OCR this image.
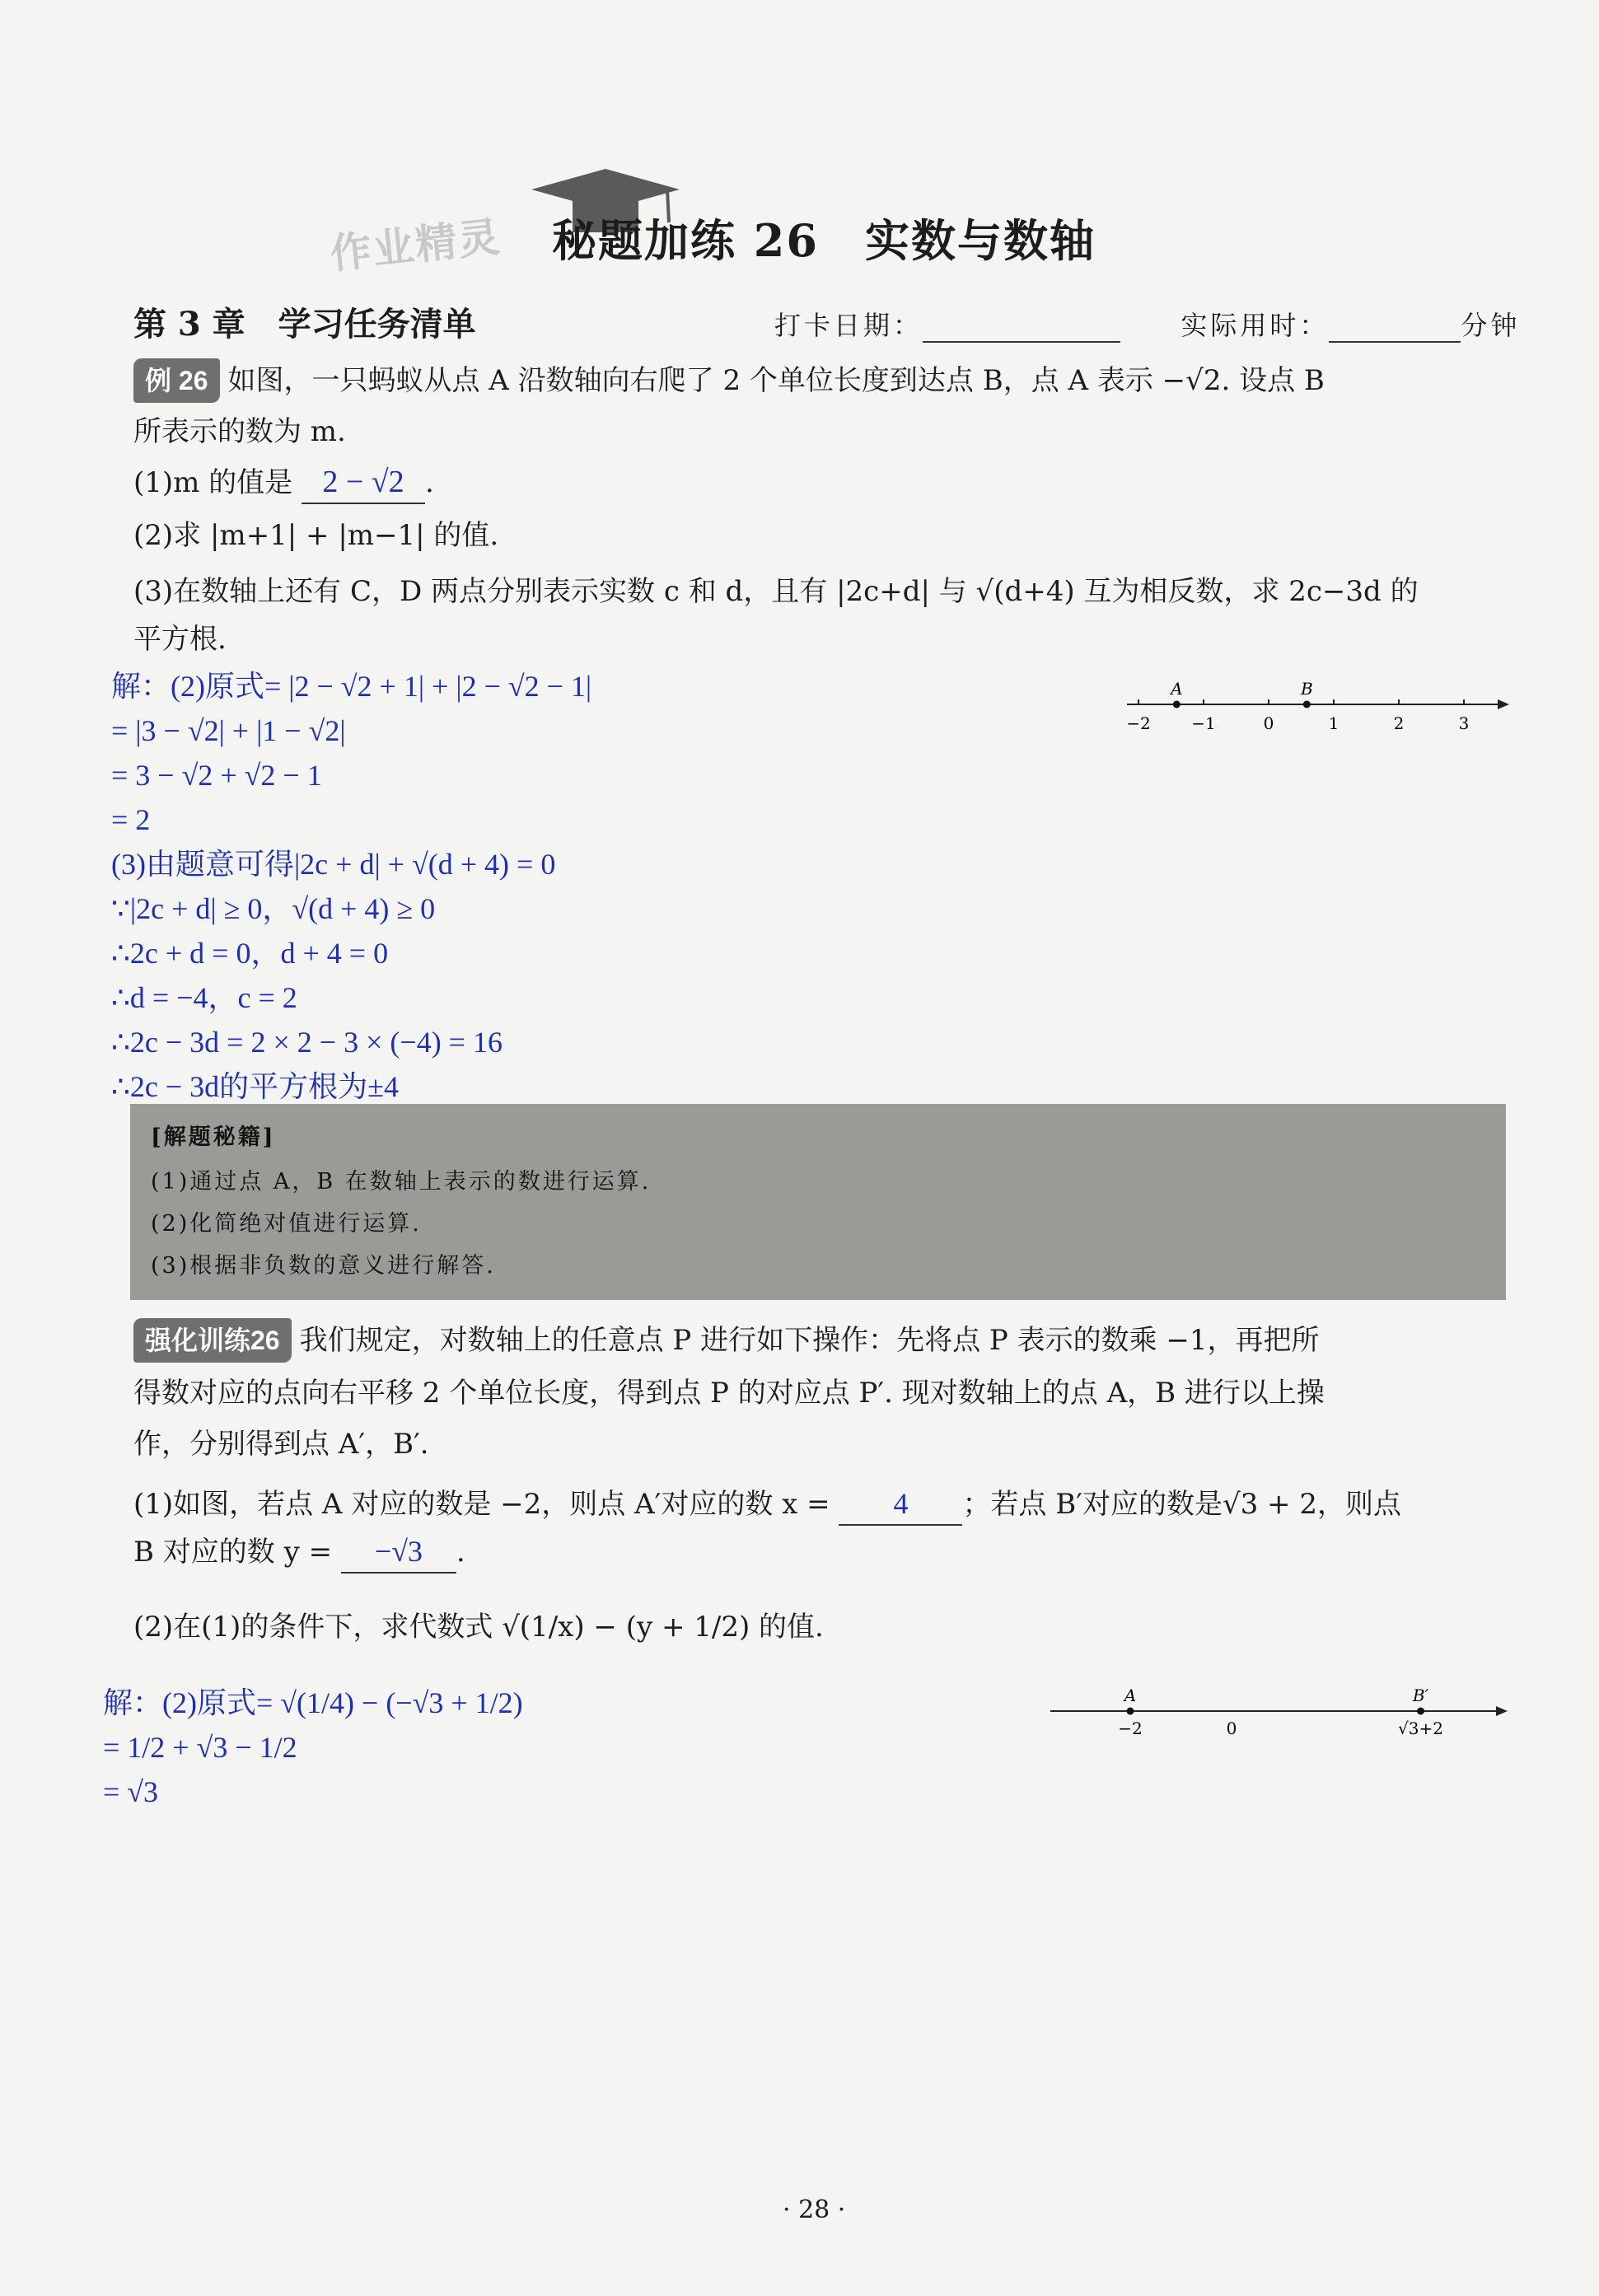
作业精灵 秘题加练 26　实数与数轴
第 3 章　学习任务清单	打卡日期：	实际用时：	分钟
例 26 如图，一只蚂蚁从点 A 沿数轴向右爬了 2 个单位长度到达点 B，点 A 表示 −√2. 设点 B
所表示的数为 m.
(1)m 的值是 2 − √2 .
(2)求 |m+1| + |m−1| 的值.
(3)在数轴上还有 C，D 两点分别表示实数 c 和 d，且有 |2c+d| 与 √(d+4) 互为相反数，求 2c−3d 的
平方根.
解：(2)原式= |2 − √2 + 1| + |2 − √2 − 1|
= |3 − √2| + |1 − √2|
= 3 − √2 + √2 − 1
= 2
(3)由题意可得|2c + d| + √(d + 4) = 0
∵|2c + d| ≥ 0，√(d + 4) ≥ 0
∴2c + d = 0，d + 4 = 0
∴d = −4，c = 2
∴2c − 3d = 2 × 2 − 3 × (−4) = 16
∴2c − 3d的平方根为±4
−2 −1	0	1	2	3
A	B
[解题秘籍]
(1)通过点 A，B 在数轴上表示的数进行运算.
(2)化简绝对值进行运算.
(3)根据非负数的意义进行解答.
强化训练26 我们规定，对数轴上的任意点 P 进行如下操作：先将点 P 表示的数乘 −1，再把所
得数对应的点向右平移 2 个单位长度，得到点 P 的对应点 P′. 现对数轴上的点 A，B 进行以上操
作，分别得到点 A′，B′.
(1)如图，若点 A 对应的数是 −2，则点 A′对应的数 x = 4 ；若点 B′对应的数是√3 + 2，则点
B 对应的数 y = −√3 .
(2)在(1)的条件下，求代数式 √(1/x) − (y + 1/2) 的值.
解：(2)原式= √(1/4) − (−√3 + 1/2)
= 1/2 + √3 − 1/2
= √3
−2	0	√3+2
A	B′
· 28 ·
